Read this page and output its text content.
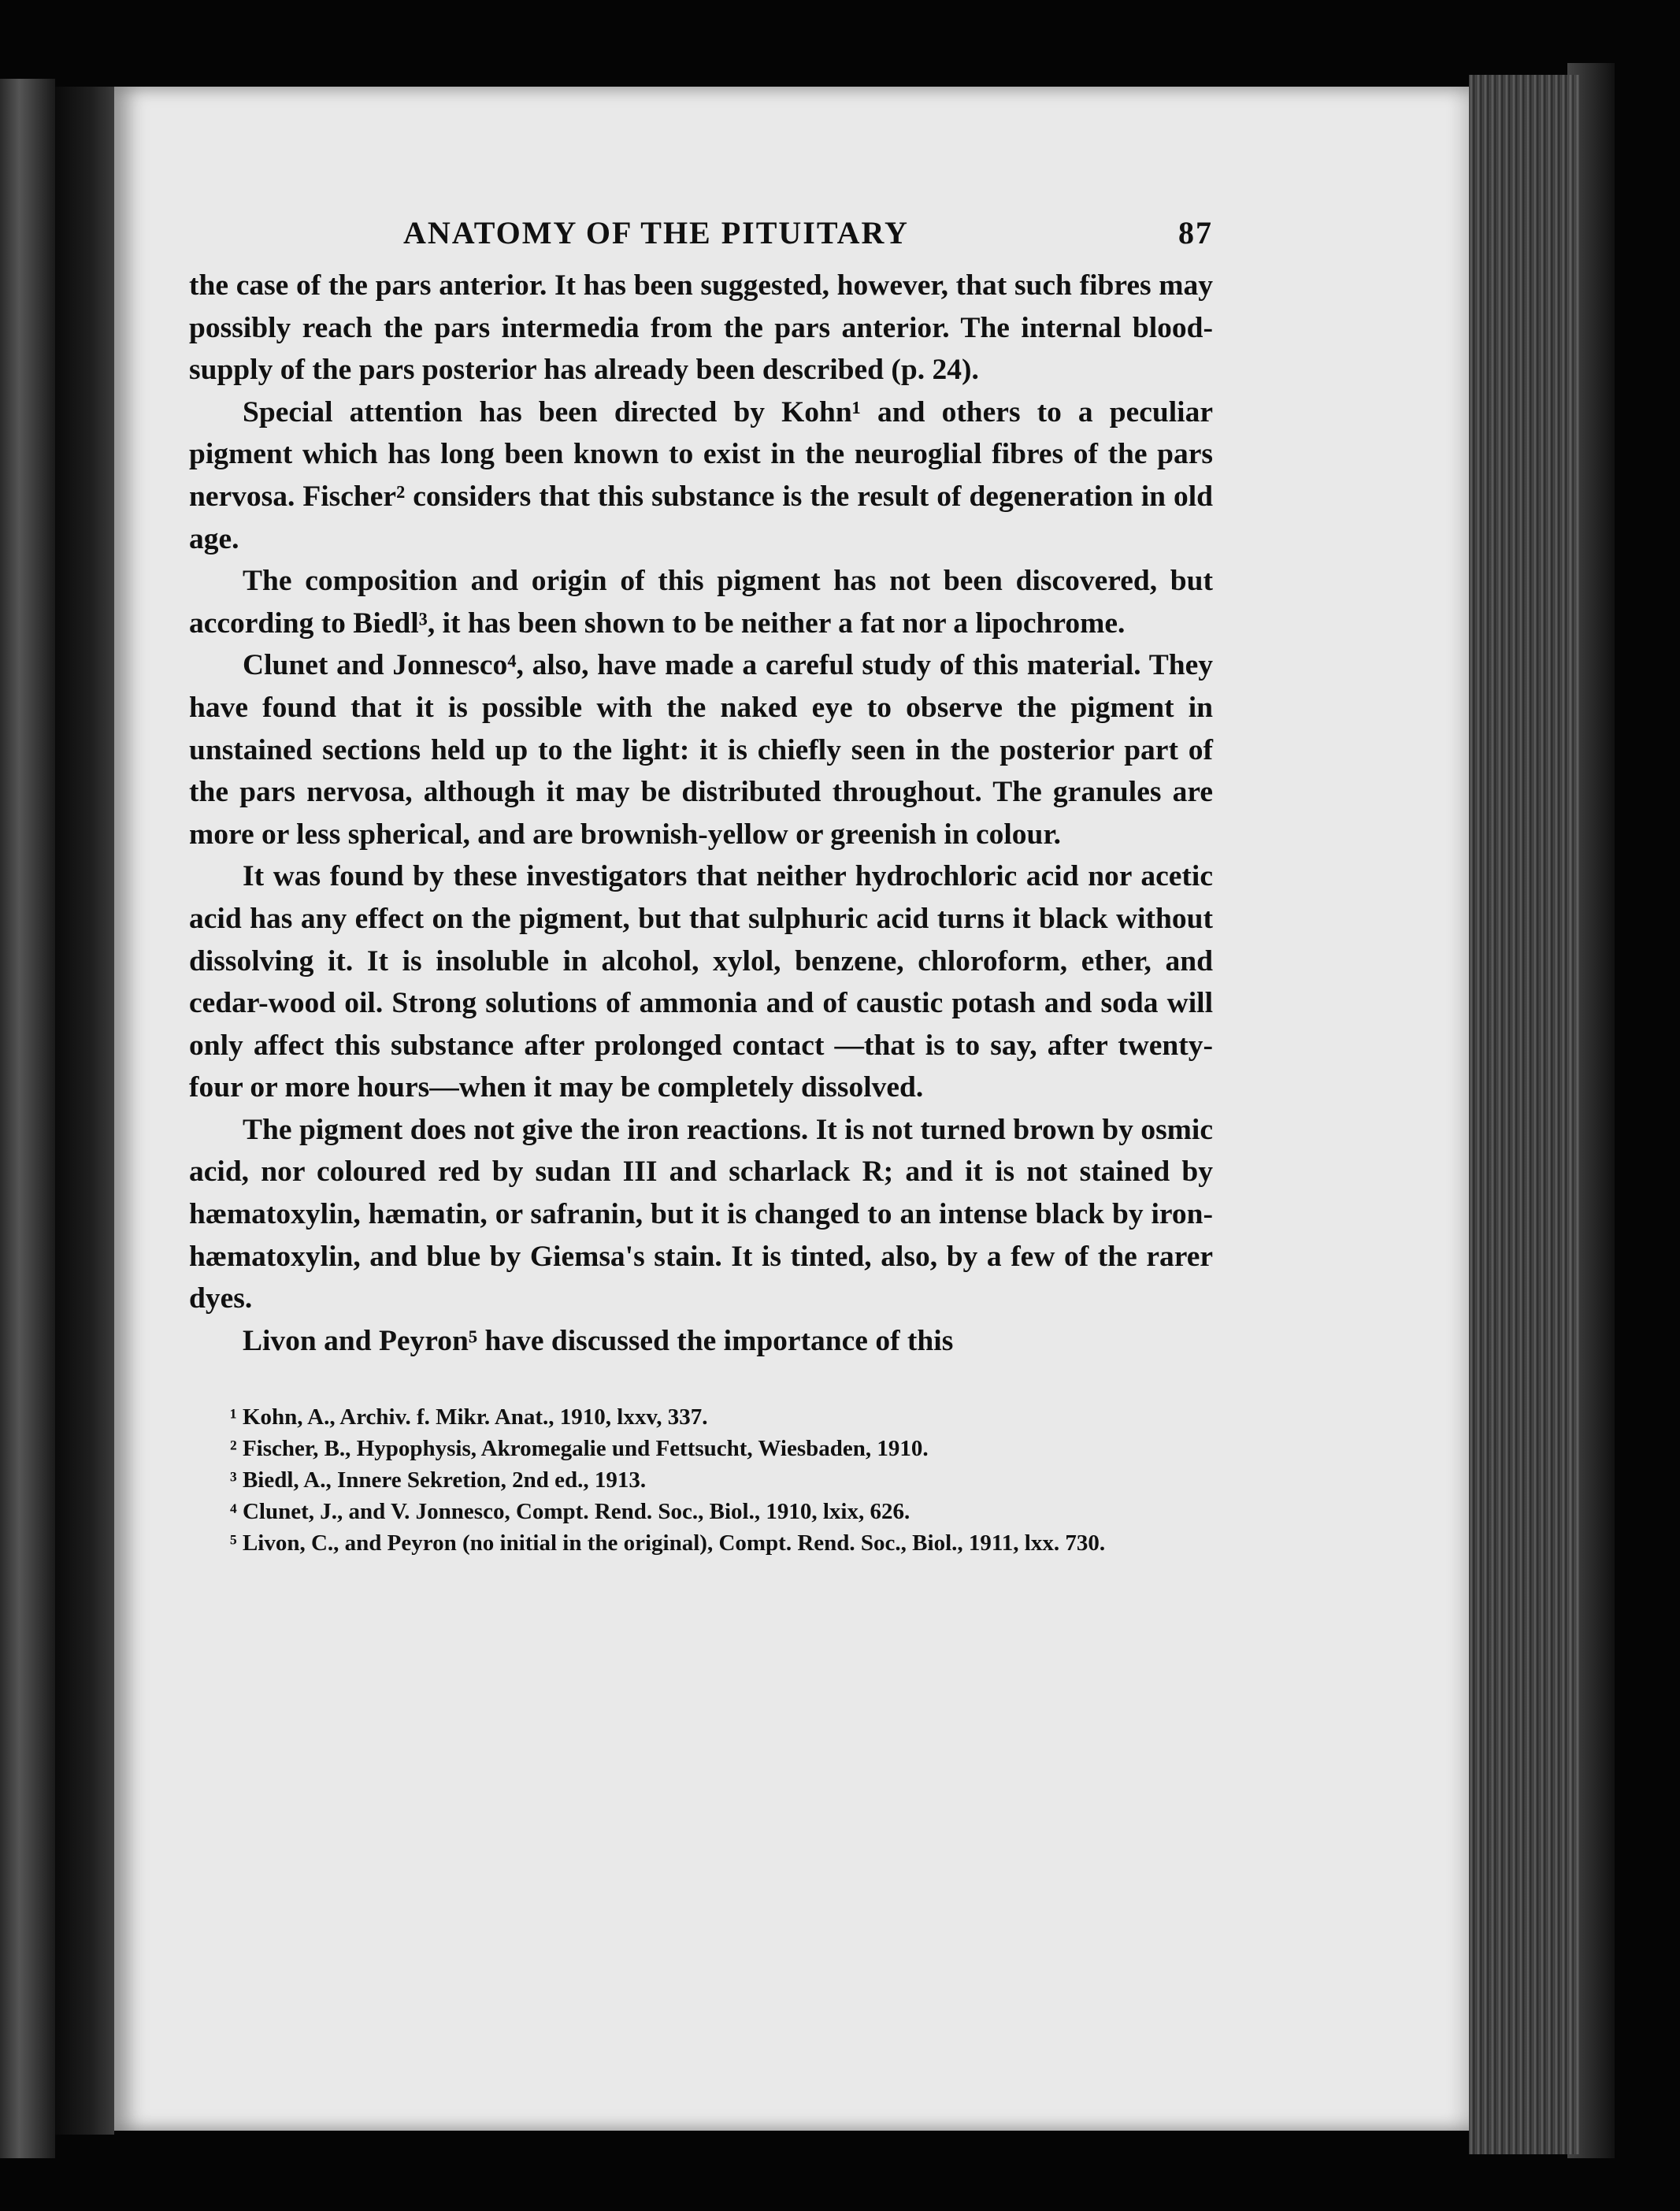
ANATOMY OF THE PITUITARY	87

the case of the pars anterior. It has been suggested, however, that such fibres may possibly reach the pars intermedia from the pars anterior. The internal blood-supply of the pars posterior has already been described (p. 24).

Special attention has been directed by Kohn¹ and others to a peculiar pigment which has long been known to exist in the neuroglial fibres of the pars nervosa. Fischer² considers that this substance is the result of degeneration in old age.

The composition and origin of this pigment has not been discovered, but according to Biedl³, it has been shown to be neither a fat nor a lipochrome.

Clunet and Jonnesco⁴, also, have made a careful study of this material. They have found that it is possible with the naked eye to observe the pigment in unstained sections held up to the light: it is chiefly seen in the posterior part of the pars nervosa, although it may be distributed throughout. The granules are more or less spherical, and are brownish-yellow or greenish in colour.

It was found by these investigators that neither hydrochloric acid nor acetic acid has any effect on the pigment, but that sulphuric acid turns it black without dissolving it. It is insoluble in alcohol, xylol, benzene, chloroform, ether, and cedar-wood oil. Strong solutions of ammonia and of caustic potash and soda will only affect this substance after prolonged contact —that is to say, after twenty-four or more hours—when it may be completely dissolved.

The pigment does not give the iron reactions. It is not turned brown by osmic acid, nor coloured red by sudan III and scharlack R; and it is not stained by hæmatoxylin, hæmatin, or safranin, but it is changed to an intense black by iron-hæmatoxylin, and blue by Giemsa's stain. It is tinted, also, by a few of the rarer dyes.

Livon and Peyron⁵ have discussed the importance of this

¹ Kohn, A., Archiv. f. Mikr. Anat., 1910, lxxv, 337.

² Fischer, B., Hypophysis, Akromegalie und Fettsucht, Wiesbaden, 1910.

³ Biedl, A., Innere Sekretion, 2nd ed., 1913.

⁴ Clunet, J., and V. Jonnesco, Compt. Rend. Soc., Biol., 1910, lxix, 626.

⁵ Livon, C., and Peyron (no initial in the original), Compt. Rend. Soc., Biol., 1911, lxx. 730.
